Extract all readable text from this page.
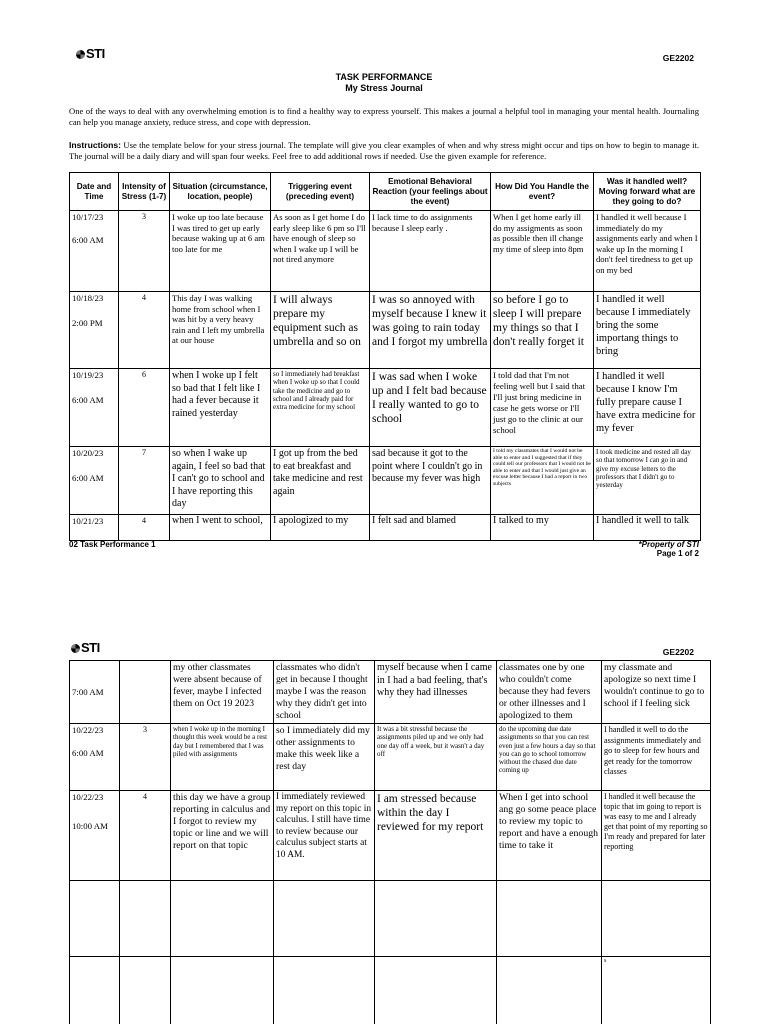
STI	GE2202
TASK PERFORMANCE
My Stress Journal
One of the ways to deal with any overwhelming emotion is to find a healthy way to express yourself. This makes a journal a helpful tool in managing your mental health. Journaling can help you manage anxiety, reduce stress, and cope with depression.
Instructions: Use the template below for your stress journal. The template will give you clear examples of when and why stress might occur and tips on how to begin to manage it. The journal will be a daily diary and will span four weeks. Feel free to add additional rows if needed. Use the given example for reference.
Date and Time	Intensity of Stress (1-7)	Situation (circumstance, location, people)	Triggering event (preceding event)	Emotional Behavioral Reaction (your feelings about the event)	How Did You Handle the event?	Was it handled well? Moving forward what are they going to do?
10/17/23
6:00 AM	3	I woke up too late because I was tired to get up early because waking up at 6 am too late for me	As soon as I get home I do early sleep like 6 pm so I'll have enough of sleep so when I wake up I will be not tired anymore	I lack time to do assignments because I sleep early .	When I get home early ill do my assigments as soon as possible then ill change my time of sleep into 8pm	I handled it well because I immediately do my assignments early and when I wake up In the morning I don't feel tiredness to get up on my bed
10/18/23
2:00 PM	4	This day I was walking home from school when I was hit by a very heavy rain and I left my umbrella at our house	I will always prepare my equipment such as umbrella and so on	I was so annoyed with myself because I knew it was going to rain today and I forgot my umbrella	so before I go to sleep I will prepare my things so that I don't really forget it	I handled it well because I immediately bring the some importang things to bring
10/19/23
6:00 AM	6	when I woke up I felt so bad that I felt like I had a fever because it rained yesterday	so I immediately had breakfast when I woke up so that I could take the medicine and go to school and I already paid for extra medicine for my school	I was sad when I woke up and I felt bad because I really wanted to go to school	I told dad that I'm not feeling well but I said that I'll just bring medicine in case he gets worse or I'll just go to the clinic at our school	I handled it well because I know I'm fully prepare cause I have extra medicine for my fever
10/20/23
6:00 AM	7	so when I wake up again, I feel so bad that I can't go to school and I have reporting this day	I got up from the bed to eat breakfast and take medicine and rest again	sad because it got to the point where I couldn't go in because my fever was high	I told my classmates that I would not be able to enter and I suggested that if they could tell our professors that I would not be able to enter and that I would just give an excuse letter because I had a report in two subjects	I took medicine and rested all day so that tomorrow I can go in and give my excuse letters to the professors that I didn't go to yesterday
10/21/23	4	when I went to school,	I apologized to my	I felt sad and blamed	I talked to my	I handled it well to talk
02 Task Performance 1	*Property of STI
Page 1 of 2
STI	GE2202
7:00 AM		my other classmates were absent because of fever, maybe I infected them on Oct 19 2023	classmates who didn't get in because I thought maybe I was the reason why they didn't get into school	myself because when I came in I had a bad feeling, that's why they had illnesses	classmates one by one who couldn't come because they had fevers or other illnesses and I apologized to them	my classmate and apologize so next time I wouldn't continue to go to school if I feeling sick
10/22/23
6:00 AM	3	when I woke up in the morning I thought this week would be a rest day but I remembered that I was piled with assignments	so I immediately did my other assignments to make this week like a rest day	It was a bit stressful because the assignments piled up and we only had one day off a week, but it wasn't a day off	do the upcoming due date assignments so that you can rest even just a few hours a day so that you can go to school tomorrow without the chased due date coming up	I handled it well to do the assignments immediately and go to sleep for few hours and get ready for the tomorrow classes
10/22/23
10:00 AM	4	this day we have a group reporting in calculus and I forgot to review my topic or line and we will report on that topic	I immediately reviewed my report on this topic in calculus. I still have time to review because our calculus subject starts at 10 AM.	I am stressed because within the day I reviewed for my report	When I get into school ang go some peace place to review my topic to report and have a enough time to take it	I handled it well because the topic that im going to report is was easy to me and I already get that point of my reporting so I'm ready and prepared for later reporting

						s
